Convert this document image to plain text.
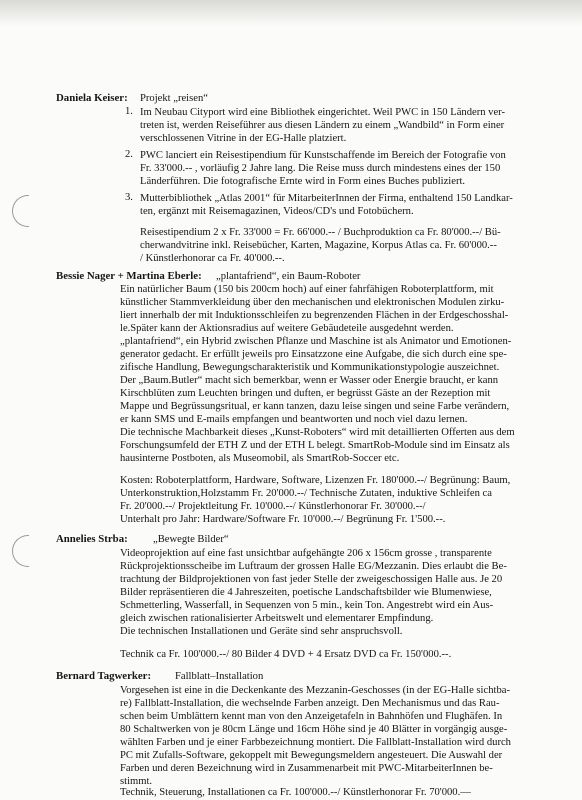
Daniela Keiser: Projekt „reisen“
1. Im Neubau Cityport wird eine Bibliothek eingerichtet. Weil PWC in 150 Ländern ver-
treten ist, werden Reiseführer aus diesen Ländern zu einem „Wandbild“ in Form einer
verschlossenen Vitrine in der EG-Halle platziert.
2. PWC lanciert ein Reisestipendium für Kunstschaffende im Bereich der Fotografie von
Fr. 33'000.-- , vorläufig 2 Jahre lang. Die Reise muss durch mindestens eines der 150
Länderführen. Die fotografische Ernte wird in Form eines Buches publiziert.
3. Mutterbibliothek „Atlas 2001“ für MitarbeiterInnen der Firma, enthaltend 150 Landkar-
ten, ergänzt mit Reisemagazinen, Videos/CD's und Fotobüchern.
Reisestipendium 2 x Fr. 33'000 = Fr. 66'000.-- / Buchproduktion ca Fr. 80'000.--/ Bü-
cherwandvitrine inkl. Reisebücher, Karten, Magazine, Korpus Atlas ca. Fr. 60'000.--
/ Künstlerhonorar ca Fr. 40'000.--.
Bessie Nager + Martina Eberle: „plantafriend“, ein Baum-Roboter
Ein natürlicher Baum (150 bis 200cm hoch) auf einer fahrfähigen Roboterplattform, mit
künstlicher Stammverkleidung über den mechanischen und elektronischen Modulen zirku-
liert innerhalb der mit Induktionsschleifen zu begrenzenden Flächen in der Erdgeschosshal-
le.Später kann der Aktionsradius auf weitere Gebäudeteile ausgedehnt werden.
„plantafriend“, ein Hybrid zwischen Pflanze und Maschine ist als Animator und Emotionen-
generator gedacht. Er erfüllt jeweils pro Einsatzzone eine Aufgabe, die sich durch eine spe-
zifische Handlung, Bewegungscharakteristik und Kommunikationstypologie auszeichnet.
Der „Baum.Butler“ macht sich bemerkbar, wenn er Wasser oder Energie braucht, er kann
Kirschblüten zum Leuchten bringen und duften, er begrüsst Gäste an der Rezeption mit
Mappe und Begrüssungsritual, er kann tanzen, dazu leise singen und seine Farbe verändern,
er kann SMS und E-mails empfangen und beantworten und noch viel dazu lernen.
Die technische Machbarkeit dieses „Kunst-Roboters“ wird mit detaillierten Offerten aus dem
Forschungsumfeld der ETH Z und der ETH L belegt. SmartRob-Module sind im Einsatz als
hausinterne Postboten, als Museomobil, als SmartRob-Soccer etc.
Kosten: Roboterplattform, Hardware, Software, Lizenzen Fr. 180'000.--/ Begrünung: Baum,
Unterkonstruktion,Holzstamm Fr. 20'000.--/ Technische Zutaten, induktive Schleifen ca
Fr. 20'000.--/ Projektleitung Fr. 10'000.--/ Künstlerhonorar Fr. 30'000.--/
Unterhalt pro Jahr: Hardware/Software Fr. 10'000.--/ Begrünung Fr. 1'500.--.
Annelies Strba: „Bewegte Bilder“
Videoprojektion auf eine fast unsichtbar aufgehängte 206 x 156cm grosse , transparente
Rückprojektionsscheibe im Luftraum der grossen Halle EG/Mezzanin. Dies erlaubt die Be-
trachtung der Bildprojektionen von fast jeder Stelle der zweigeschossigen Halle aus. Je 20
Bilder repräsentieren die 4 Jahreszeiten, poetische Landschaftsbilder wie Blumenwiese,
Schmetterling, Wasserfall, in Sequenzen von 5 min., kein Ton. Angestrebt wird ein Aus-
gleich zwischen rationalisierter Arbeitswelt und elementarer Empfindung.
Die technischen Installationen und Geräte sind sehr anspruchsvoll.
Technik ca Fr. 100'000.--/ 80 Bilder 4 DVD + 4 Ersatz DVD ca Fr. 150'000.--.
Bernard Tagwerker: Fallblatt–Installation
Vorgesehen ist eine in die Deckenkante des Mezzanin-Geschosses (in der EG-Halle sichtba-
re) Fallblatt-Installation, die wechselnde Farben anzeigt. Den Mechanismus und das Rau-
schen beim Umblättern kennt man von den Anzeigetafeln in Bahnhöfen und Flughäfen. In
80 Schaltwerken von je 80cm Länge und 16cm Höhe sind je 40 Blätter in vorgängig ausge-
wählten Farben und je einer Farbbezeichnung montiert. Die Fallblatt-Installation wird durch
PC mit Zufalls-Software, gekoppelt mit Bewegungsmeldern angesteuert. Die Auswahl der
Farben und deren Bezeichnung wird in Zusammenarbeit mit PWC-MitarbeiterInnen be-
stimmt.
Technik, Steuerung, Installationen ca Fr. 100'000.--/ Künstlerhonorar Fr. 70'000.—
